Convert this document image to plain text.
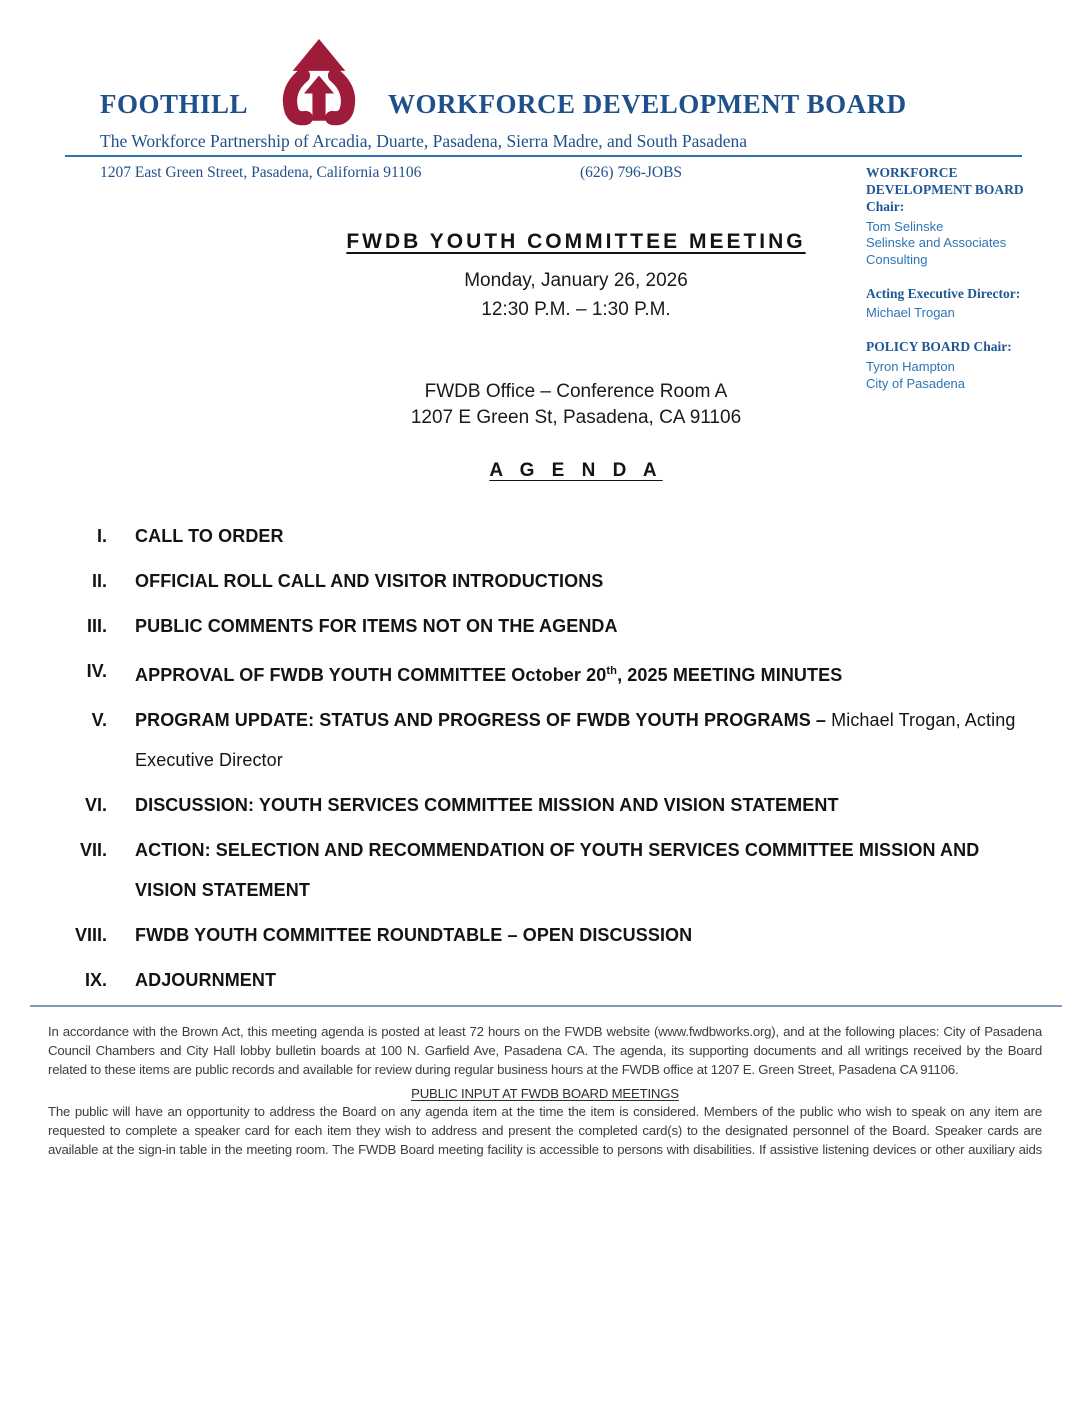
FOOTHILL	WORKFORCE DEVELOPMENT BOARD
The Workforce Partnership of Arcadia, Duarte, Pasadena, Sierra Madre, and South Pasadena
1207 East Green Street, Pasadena, California 91106	(626) 796-JOBS	WORKFORCE DEVELOPMENT BOARD Chair:
Tom Selinske
Selinske and Associates Consulting
Acting Executive Director:
Michael Trogan
POLICY BOARD Chair:
Tyron Hampton
City of Pasadena
FWDB YOUTH COMMITTEE MEETING
Monday, January 26, 2026
12:30 P.M. – 1:30 P.M.
FWDB Office – Conference Room A
1207 E Green St, Pasadena, CA 91106
A G E N D A
I.	CALL TO ORDER
II.	OFFICIAL ROLL CALL AND VISITOR INTRODUCTIONS
III.	PUBLIC COMMENTS FOR ITEMS NOT ON THE AGENDA
IV.	APPROVAL OF FWDB YOUTH COMMITTEE October 20th, 2025 MEETING MINUTES
V.	PROGRAM UPDATE: STATUS AND PROGRESS OF FWDB YOUTH PROGRAMS – Michael Trogan, Acting Executive Director
VI.	DISCUSSION: YOUTH SERVICES COMMITTEE MISSION AND VISION STATEMENT
VII.	ACTION: SELECTION AND RECOMMENDATION OF YOUTH SERVICES COMMITTEE MISSION AND VISION STATEMENT
VIII.	FWDB YOUTH COMMITTEE ROUNDTABLE – OPEN DISCUSSION
IX.	ADJOURNMENT

In accordance with the Brown Act, this meeting agenda is posted at least 72 hours on the FWDB website (www.fwdbworks.org), and at the following places: City of Pasadena Council Chambers and City Hall lobby bulletin boards at 100 N. Garfield Ave, Pasadena CA. The agenda, its supporting documents and all writings received by the Board related to these items are public records and available for review during regular business hours at the FWDB office at 1207 E. Green Street, Pasadena CA 91106.

PUBLIC INPUT AT FWDB BOARD MEETINGS

The public will have an opportunity to address the Board on any agenda item at the time the item is considered. Members of the public who wish to speak on any item are requested to complete a speaker card for each item they wish to address and present the completed card(s) to the designated personnel of the Board. Speaker cards are available at the sign-in table in the meeting room. The FWDB Board meeting facility is accessible to persons with disabilities. If assistive listening devices or other auxiliary aids
